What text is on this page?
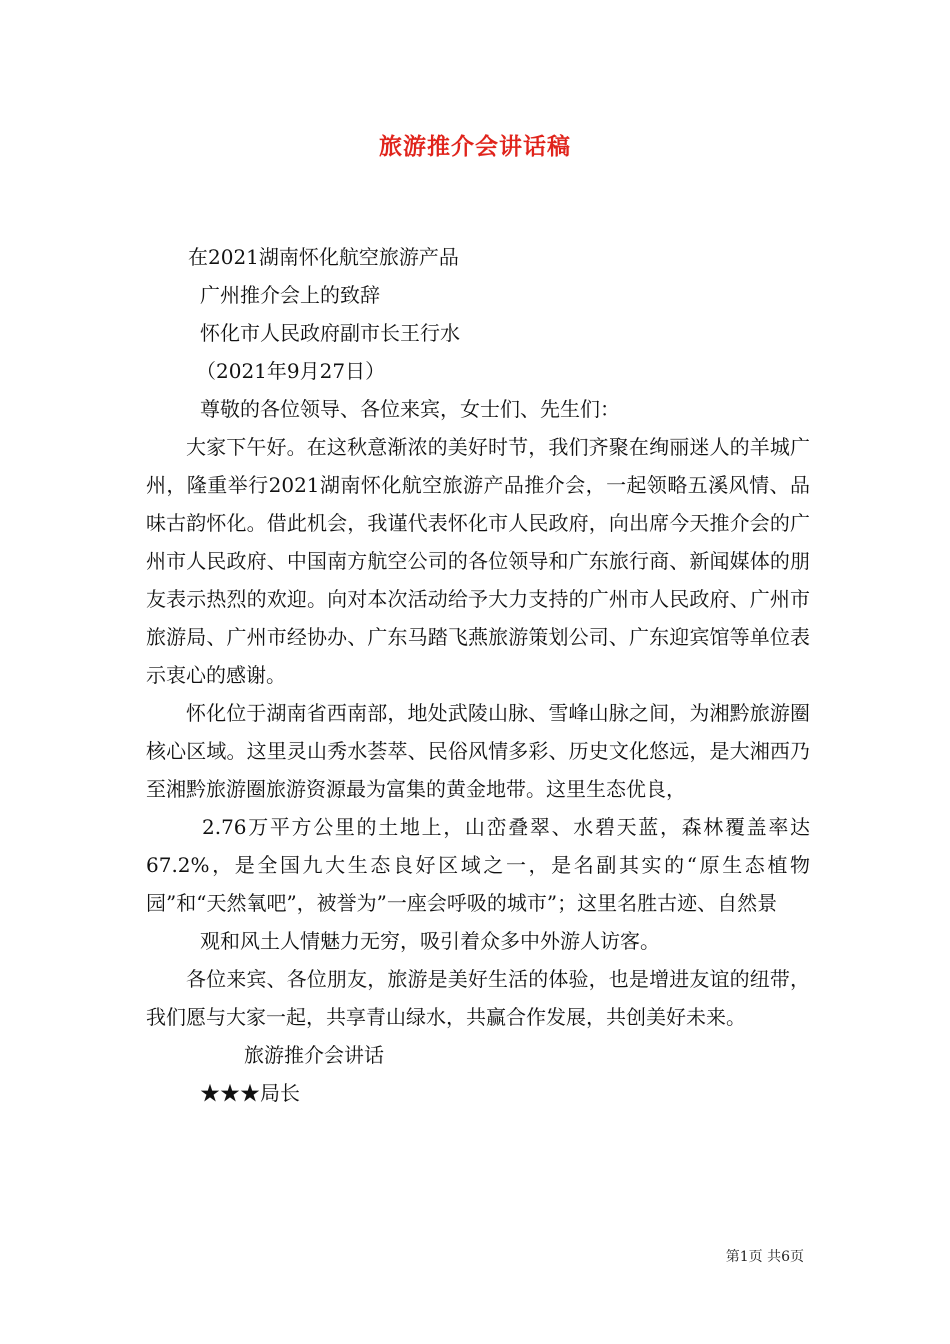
旅游推介会讲话稿
在2021湖南怀化航空旅游产品
广州推介会上的致辞
怀化市人民政府副市长王行水
（2021年9月27日）
尊敬的各位领导、各位来宾，女士们、先生们：
大家下午好。在这秋意渐浓的美好时节，我们齐聚在绚丽迷人的羊城广州，隆重举行2021湖南怀化航空旅游产品推介会，一起领略五溪风情、品味古韵怀化。借此机会，我谨代表怀化市人民政府，向出席今天推介会的广州市人民政府、中国南方航空公司的各位领导和广东旅行商、新闻媒体的朋友表示热烈的欢迎。向对本次活动给予大力支持的广州市人民政府、广州市旅游局、广州市经协办、广东马踏飞燕旅游策划公司、广东迎宾馆等单位表示衷心的感谢。
怀化位于湖南省西南部，地处武陵山脉、雪峰山脉之间，为湘黔旅游圈核心区域。这里灵山秀水荟萃、民俗风情多彩、历史文化悠远，是大湘西乃至湘黔旅游圈旅游资源最为富集的黄金地带。这里生态优良，
2.76万平方公里的土地上，山峦叠翠、水碧天蓝，森林覆盖率达67.2%，是全国九大生态良好区域之一，是名副其实的“原生态植物园”和“天然氧吧”，被誉为”一座会呼吸的城市”；这里名胜古迹、自然景
观和风土人情魅力无穷，吸引着众多中外游人访客。
各位来宾、各位朋友，旅游是美好生活的体验，也是增进友谊的纽带，我们愿与大家一起，共享青山绿水，共赢合作发展，共创美好未来。
旅游推介会讲话
★★★局长
第1页 共6页
